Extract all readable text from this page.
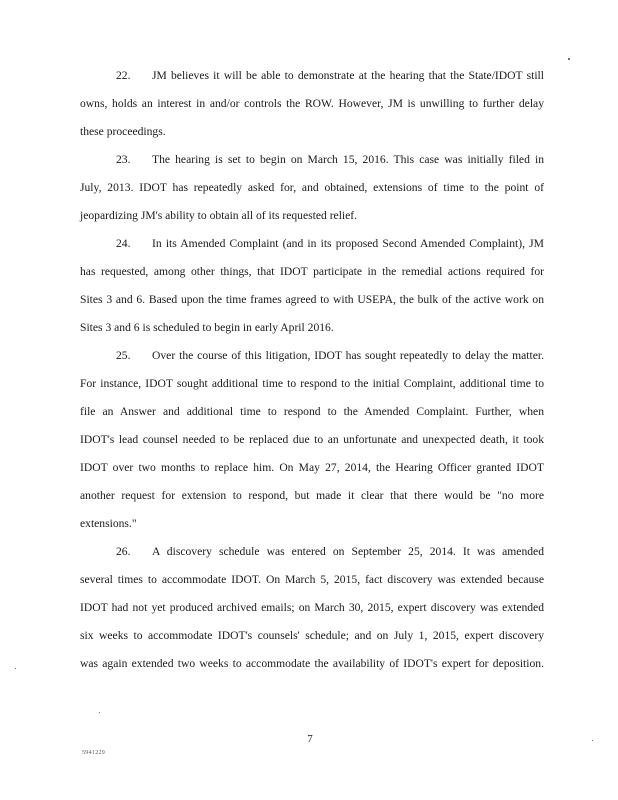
22. JM believes it will be able to demonstrate at the hearing that the State/IDOT still
owns, holds an interest in and/or controls the ROW. However, JM is unwilling to further delay
these proceedings.
23. The hearing is set to begin on March 15, 2016. This case was initially filed in
July, 2013. IDOT has repeatedly asked for, and obtained, extensions of time to the point of
jeopardizing JM's ability to obtain all of its requested relief.
24. In its Amended Complaint (and in its proposed Second Amended Complaint), JM
has requested, among other things, that IDOT participate in the remedial actions required for
Sites 3 and 6. Based upon the time frames agreed to with USEPA, the bulk of the active work on
Sites 3 and 6 is scheduled to begin in early April 2016.
25. Over the course of this litigation, IDOT has sought repeatedly to delay the matter.
For instance, IDOT sought additional time to respond to the initial Complaint, additional time to
file an Answer and additional time to respond to the Amended Complaint. Further, when
IDOT's lead counsel needed to be replaced due to an unfortunate and unexpected death, it took
IDOT over two months to replace him. On May 27, 2014, the Hearing Officer granted IDOT
another request for extension to respond, but made it clear that there would be "no more
extensions."
26. A discovery schedule was entered on September 25, 2014. It was amended
several times to accommodate IDOT. On March 5, 2015, fact discovery was extended because
IDOT had not yet produced archived emails; on March 30, 2015, expert discovery was extended
six weeks to accommodate IDOT's counsels' schedule; and on July 1, 2015, expert discovery
was again extended two weeks to accommodate the availability of IDOT's expert for deposition.
7
5941229
